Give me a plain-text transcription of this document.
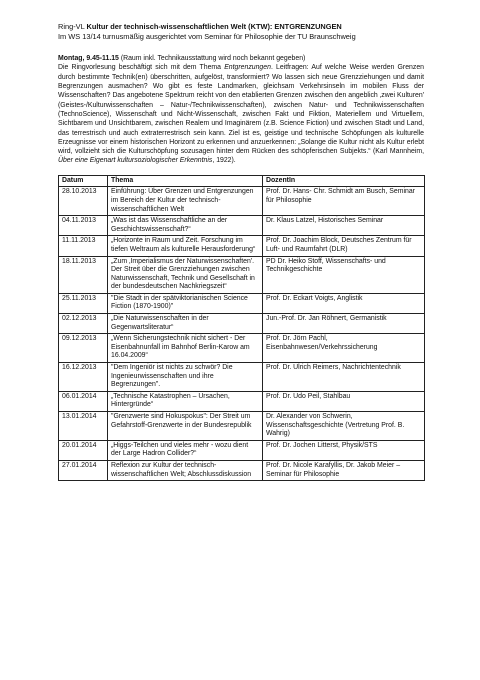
Ring-VL Kultur der technisch-wissenschaftlichen Welt (KTW): ENTGRENZUNGEN
Im WS 13/14 turnusmäßig ausgerichtet vom Seminar für Philosophie der TU Braunschweig

Montag, 9.45-11.15 (Raum inkl. Technikausstattung wird noch bekannt gegeben)
Die Ringvorlesung beschäftigt sich mit dem Thema Entgrenzungen. Leitfragen: Auf welche Weise werden Grenzen durch bestimmte Technik(en) überschritten, aufgelöst, transformiert? Wo lassen sich neue Grenzziehungen und damit Begrenzungen ausmachen? Wo gibt es feste Landmarken, gleichsam Verkehrsinseln im mobilen Fluss der Wissenschaften? Das angebotene Spektrum reicht von den etablierten Grenzen zwischen den angeblich ‚zwei Kulturen' (Geistes-/Kulturwissenschaften – Natur-/Technikwissenschaften), zwischen Natur- und Technikwissenschaften (TechnoScience), Wissenschaft und Nicht-Wissenschaft, zwischen Fakt und Fiktion, Materiellem und Virtuellem, Sichtbarem und Unsichtbarem, zwischen Realem und Imaginärem (z.B. Science Fiction) und zwischen Stadt und Land, das terrestrisch und auch extraterrestrisch sein kann. Ziel ist es, geistige und technische Schöpfungen als kulturelle Erzeugnisse vor einem historischen Horizont zu erkennen und anzuerkennen: „Solange die Kultur nicht als Kultur erlebt wird, vollzieht sich die Kulturschöpfung sozusagen hinter dem Rücken des schöpferischen Subjekts.“ (Karl Mannheim, Über eine Eigenart kultursoziologischer Erkenntnis, 1922).

Datum	Thema	DozentIn
28.10.2013	Einführung: Über Grenzen und Entgrenzungen im Bereich der Kultur der technisch-wissenschaftlichen Welt	Prof. Dr. Hans- Chr. Schmidt am Busch, Seminar für Philosophie
04.11.2013	„Was ist das Wissenschaftliche an der Geschichtswissenschaft?“	Dr. Klaus Latzel, Historisches Seminar
11.11.2013	„Horizonte in Raum und Zeit. Forschung im tiefen Weltraum als kulturelle Herausforderung“	Prof. Dr. Joachim Block, Deutsches Zentrum für Luft- und Raumfahrt (DLR)
18.11.2013	„Zum ‚Imperialismus der Naturwissenschaften'. Der Streit über die Grenzziehungen zwischen Naturwissenschaft, Technik und Gesellschaft in der bundesdeutschen Nachkriegszeit“	PD Dr. Heiko Stoff, Wissenschafts- und Technikgeschichte
25.11.2013	"Die Stadt in der spätviktorianischen Science Fiction (1870-1900)"	Prof. Dr. Eckart Voigts, Anglistik
02.12.2013	„Die Naturwissenschaften in der Gegenwartsliteratur“	Jun.-Prof. Dr. Jan Röhnert, Germanistik
09.12.2013	„Wenn Sicherungstechnik nicht sichert - Der Eisenbahnunfall im Bahnhof Berlin-Karow am 16.04.2009“	Prof. Dr. Jörn Pachl, Eisenbahnwesen/Verkehrssicherung
16.12.2013	"Dem Ingeniör ist nichts zu schwör? Die Ingenieurwissenschaften und ihre Begrenzungen".	Prof. Dr. Ulrich Reimers, Nachrichtentechnik
06.01.2014	„Technische Katastrophen – Ursachen, Hintergründe“	Prof. Dr. Udo Peil, Stahlbau
13.01.2014	"Grenzwerte sind Hokuspokus": Der Streit um Gefahrstoff-Grenzwerte in der Bundesrepublik	Dr. Alexander von Schwerin, Wissenschaftsgeschichte (Vertretung Prof. B. Wahrig)
20.01.2014	„Higgs-Teilchen und vieles mehr - wozu dient der Large Hadron Collider?“	Prof. Dr. Jochen Litterst, Physik/STS
27.01.2014	Reflexion zur Kultur der technisch-wissenschaftlichen Welt; Abschlussdiskussion	Prof. Dr. Nicole Karafyllis, Dr. Jakob Meier – Seminar für Philosophie
